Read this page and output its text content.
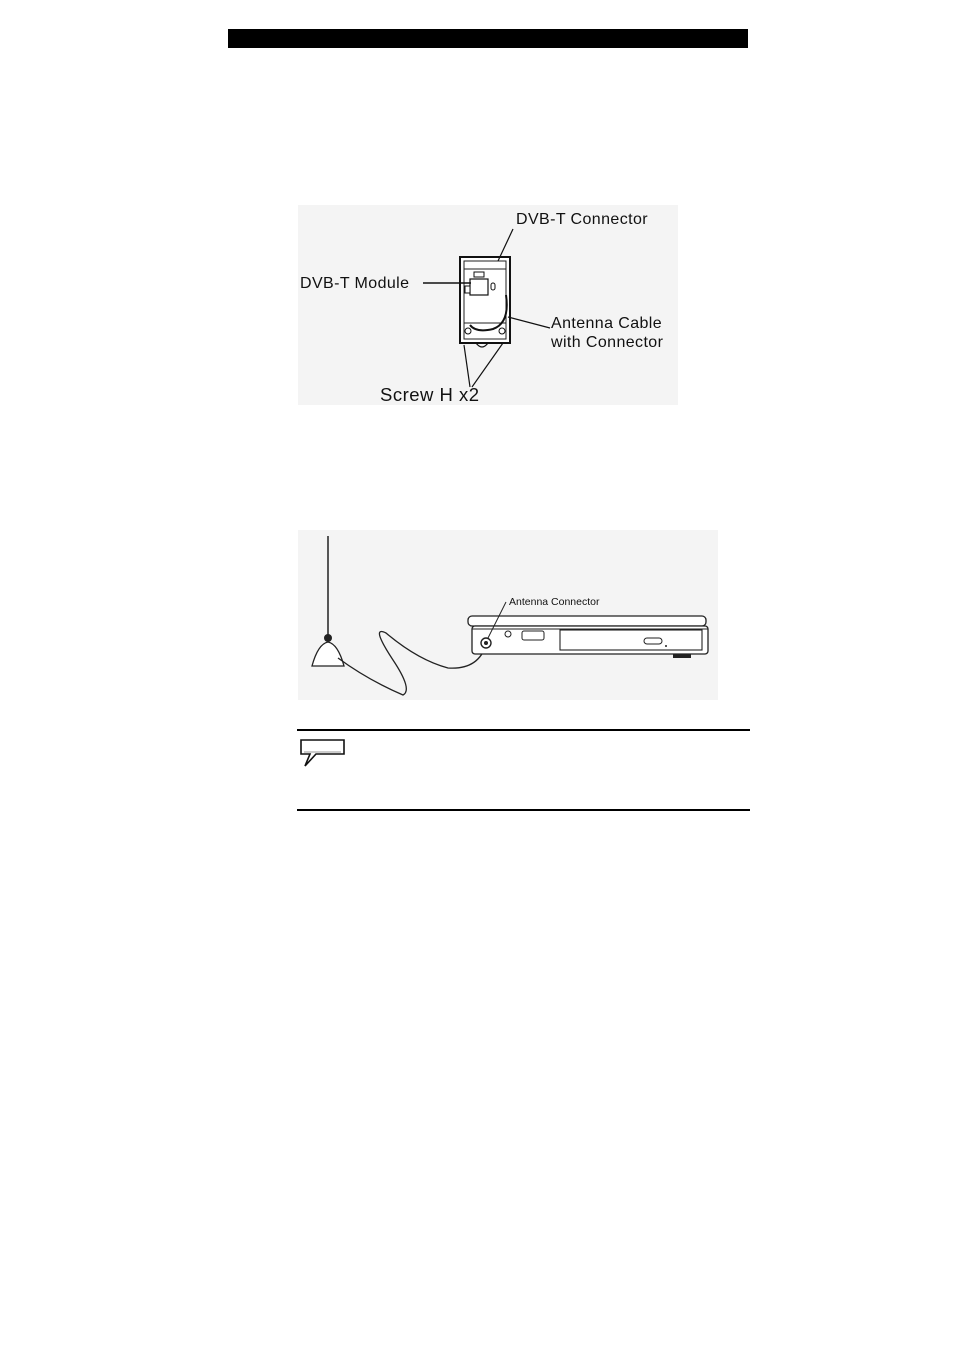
DVB-T Connector
DVB-T Module
Antenna Cable
with Connector
Screw H x2
Antenna Connector
